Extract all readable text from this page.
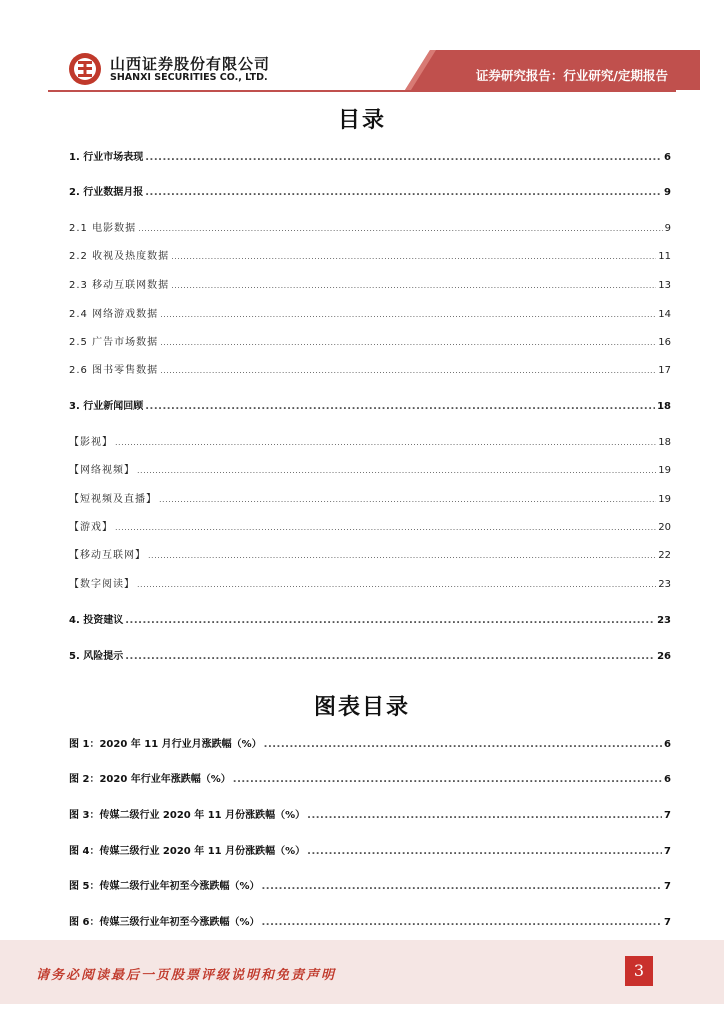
山西证券股份有限公司
SHANXI SECURITIES CO., LTD.	证券研究报告：行业研究/定期报告
目录
1. 行业市场表现 .....	6
2. 行业数据月报 .....	9
2.1 电影数据 .....	9
2.2 收视及热度数据 .....	11
2.3 移动互联网数据 .....	13
2.4 网络游戏数据 .....	14
2.5 广告市场数据 .....	16
2.6 图书零售数据 .....	17
3. 行业新闻回顾 .....	18
【影视】 .....	18
【网络视频】 .....	19
【短视频及直播】 .....	19
【游戏】 .....	20
【移动互联网】 .....	22
【数字阅读】 .....	23
4. 投资建议 .....	23
5. 风险提示 .....	26
图表目录
图 1：2020 年 11 月行业月涨跌幅（%） .....	6
图 2：2020 年行业年涨跌幅（%） .....	6
图 3：传媒二级行业 2020 年 11 月份涨跌幅（%） .....	7
图 4：传媒三级行业 2020 年 11 月份涨跌幅（%） .....	7
图 5：传媒二级行业年初至今涨跌幅（%） .....	7
图 6：传媒三级行业年初至今涨跌幅（%） .....	7
请务必阅读最后一页股票评级说明和免责声明	3
